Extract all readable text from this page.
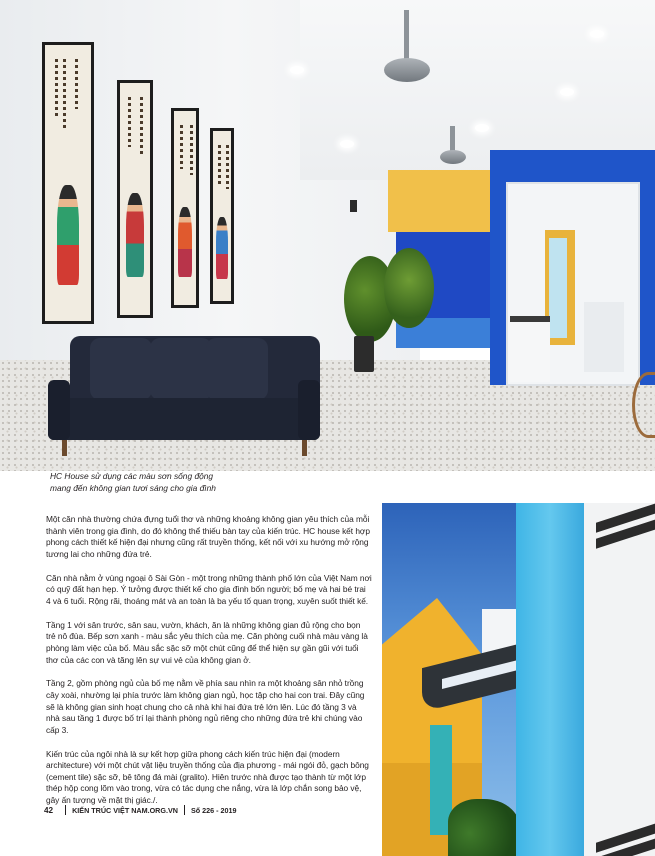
HC House sử dụng các màu sơn sống động
mang đến không gian tươi sáng cho gia đình

Một căn nhà thường chứa đựng tuổi thơ và những khoảng không gian yêu thích của mỗi thành viên trong gia đình, do đó không thể thiếu bàn tay của kiến trúc. HC house kết hợp phong cách thiết kế hiện đại nhưng cũng rất truyền thống, kết nối với xu hướng mở rộng tương lai cho những đứa trẻ.

Căn nhà nằm ở vùng ngoại ô Sài Gòn - một trong những thành phố lớn của Việt Nam nơi có quỹ đất hạn hẹp. Ý tưởng được thiết kế cho gia đình bốn người; bố mẹ và hai bé trai 4 và 6 tuổi. Rộng rãi, thoáng mát và an toàn là ba yếu tố quan trọng, xuyên suốt thiết kế.

Tầng 1 với sân trước, sân sau, vườn, khách, ăn là những không gian đủ rộng cho bọn trẻ nô đùa. Bếp sơn xanh - màu sắc yêu thích của mẹ. Căn phòng cuối nhà màu vàng là phòng làm việc của bố. Màu sắc sặc sỡ một chút cũng để thể hiện sự gần gũi với tuổi thơ của các con và tăng lên sự vui vẻ của không gian ở.

Tầng 2, gồm phòng ngủ của bố mẹ nằm về phía sau nhìn ra một khoảng sân nhỏ trồng cây xoài, nhường lại phía trước làm không gian ngủ, học tập cho hai con trai. Đây cũng sẽ là không gian sinh hoạt chung cho cả nhà khi hai đứa trẻ lớn lên. Lúc đó tầng 3 và nhà sau tầng 1 được bố trí lại thành phòng ngủ riêng cho những đứa trẻ khi chúng vào cấp 3.

Kiến trúc của ngôi nhà là sự kết hợp giữa phong cách kiến trúc hiện đại (modern architecture) với một chút vật liệu truyền thống của địa phương - mái ngói đỏ, gạch bông (cement tile) sặc sỡ, bê tông đá mài (gralito). Hiên trước nhà được tạo thành từ một lớp thép hộp cong lõm vào trong, vừa có tác dụng che nắng, vừa là lớp chắn song bảo vệ, gây ấn tượng về mặt thị giác./.

42	KIẾN TRÚC VIỆT NAM.ORG.VN Số 226 - 2019
